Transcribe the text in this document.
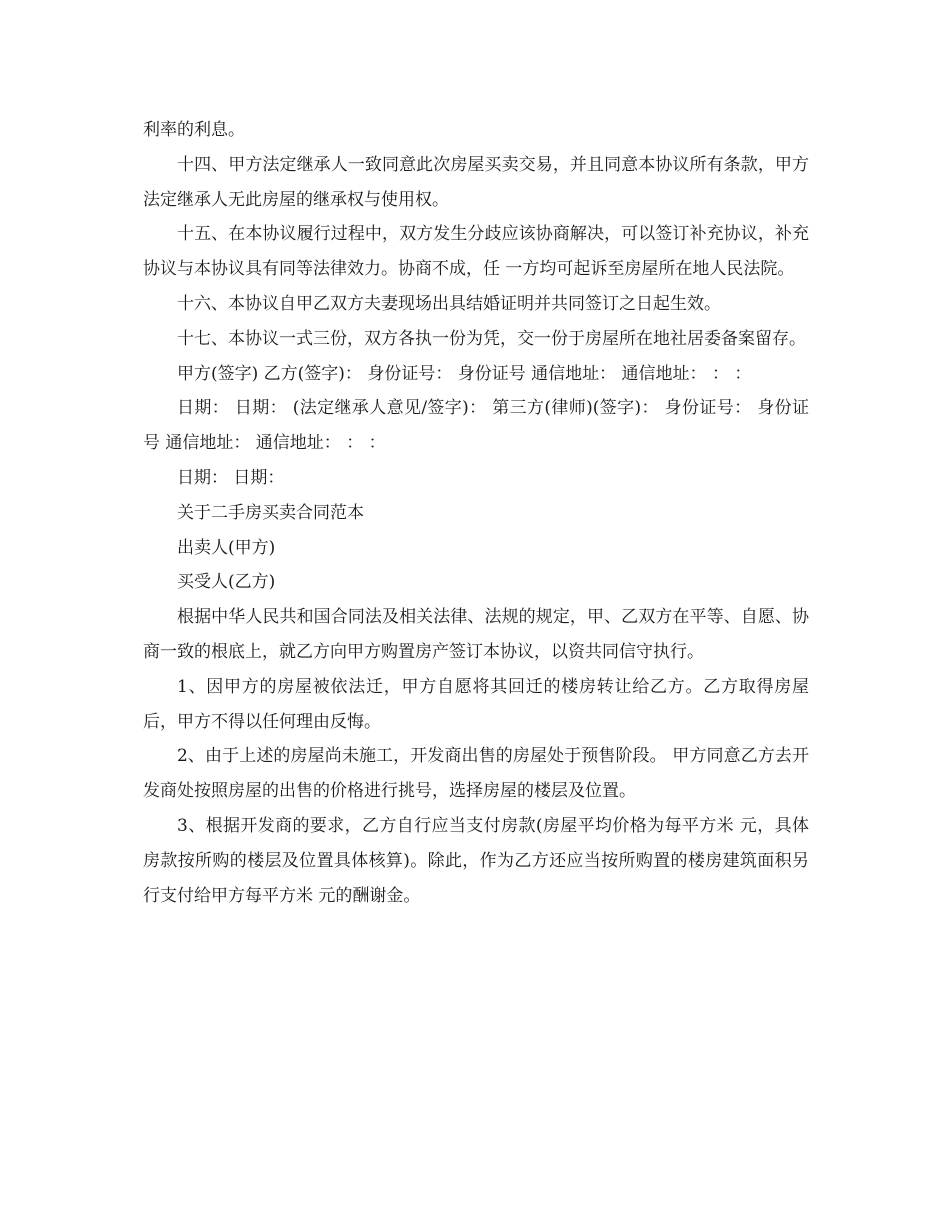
利率的利息。

十四、甲方法定继承人一致同意此次房屋买卖交易，并且同意本协议所有条款，甲方法定继承人无此房屋的继承权与使用权。

十五、在本协议履行过程中，双方发生分歧应该协商解决，可以签订补充协议，补充协议与本协议具有同等法律效力。协商不成，任 一方均可起诉至房屋所在地人民法院。

十六、本协议自甲乙双方夫妻现场出具结婚证明并共同签订之日起生效。

十七、本协议一式三份，双方各执一份为凭，交一份于房屋所在地社居委备案留存。

甲方(签字) 乙方(签字)： 身份证号： 身份证号 通信地址： 通信地址： ： ：

日期： 日期： (法定继承人意见/签字)： 第三方(律师)(签字)： 身份证号： 身份证号 通信地址： 通信地址： ： ：

日期： 日期：

关于二手房买卖合同范本

出卖人(甲方)

买受人(乙方)

根据中华人民共和国合同法及相关法律、法规的规定，甲、乙双方在平等、自愿、协商一致的根底上，就乙方向甲方购置房产签订本协议，以资共同信守执行。

1、因甲方的房屋被依法迁，甲方自愿将其回迁的楼房转让给乙方。乙方取得房屋后，甲方不得以任何理由反悔。

2、由于上述的房屋尚未施工，开发商出售的房屋处于预售阶段。 甲方同意乙方去开发商处按照房屋的出售的价格进行挑号，选择房屋的楼层及位置。

3、根据开发商的要求，乙方自行应当支付房款(房屋平均价格为每平方米 元，具体房款按所购的楼层及位置具体核算)。除此，作为乙方还应当按所购置的楼房建筑面积另行支付给甲方每平方米 元的酬谢金。
